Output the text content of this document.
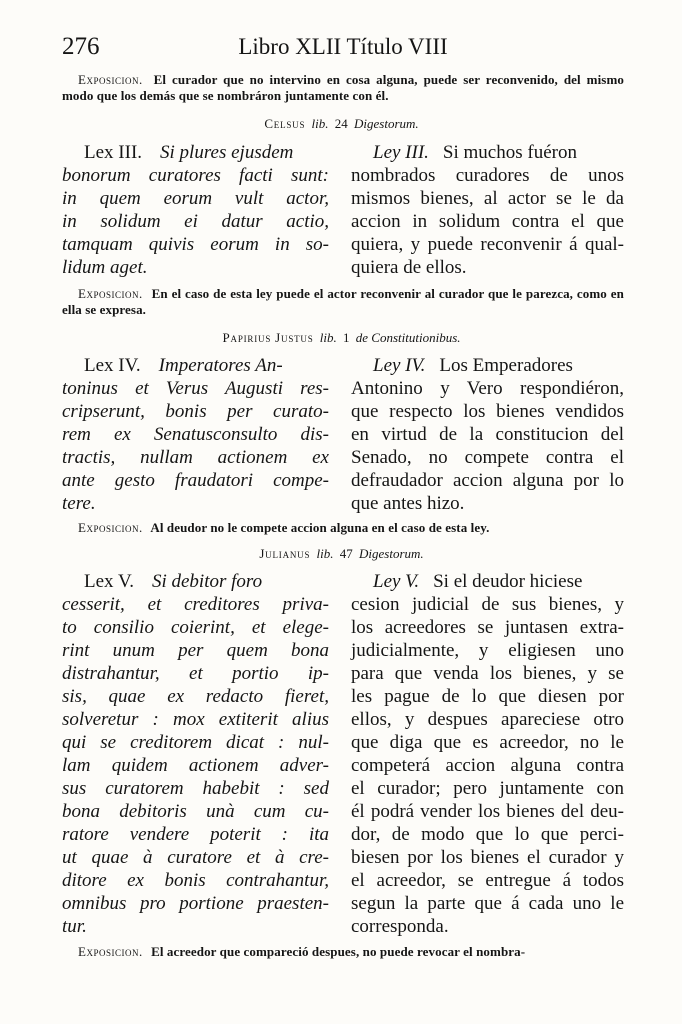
276	Libro XLII Título VIII
Exposicion. El curador que no intervino en cosa alguna, puede ser reconvenido, del mismo modo que los demás que se nombráron juntamente con él.
Celsus lib. 24 Digestorum.
Lex III. Si plures ejusdem
bonorum curatores facti sunt:
in quem eorum vult actor,
in solidum ei datur actio,
tamquam quivis eorum in so-
lidum aget.
Ley III. Si muchos fuéron
nombrados curadores de unos
mismos bienes, al actor se le da
accion in solidum contra el que
quiera, y puede reconvenir á qual-
quiera de ellos.
Exposicion. En el caso de esta ley puede el actor reconvenir al curador que le parezca, como en ella se expresa.
Papirius Justus lib. 1 de Constitutionibus.
Lex IV. Imperatores An-
toninus et Verus Augusti res-
cripserunt, bonis per curato-
rem ex Senatusconsulto dis-
tractis, nullam actionem ex
ante gesto fraudatori compe-
tere.
Ley IV. Los Emperadores
Antonino y Vero respondiéron,
que respecto los bienes vendidos
en virtud de la constitucion del
Senado, no compete contra el
defraudador accion alguna por lo
que antes hizo.
Exposicion. Al deudor no le compete accion alguna en el caso de esta ley.
Julianus lib. 47 Digestorum.
Lex V. Si debitor foro
cesserit, et creditores priva-
to consilio coierint, et elege-
rint unum per quem bona
distrahantur, et portio ip-
sis, quae ex redacto fieret,
solveretur : mox extiterit alius
qui se creditorem dicat : nul-
lam quidem actionem adver-
sus curatorem habebit : sed
bona debitoris unà cum cu-
ratore vendere poterit : ita
ut quae à curatore et à cre-
ditore ex bonis contrahantur,
omnibus pro portione praesten-
tur.
Ley V. Si el deudor hiciese
cesion judicial de sus bienes, y
los acreedores se juntasen extra-
judicialmente, y eligiesen uno
para que venda los bienes, y se
les pague de lo que diesen por
ellos, y despues apareciese otro
que diga que es acreedor, no le
competerá accion alguna contra
el curador; pero juntamente con
él podrá vender los bienes del deu-
dor, de modo que lo que perci-
biesen por los bienes el curador y
el acreedor, se entregue á todos
segun la parte que á cada uno le
corresponda.
Exposicion. El acreedor que compareció despues, no puede revocar el nombra-
